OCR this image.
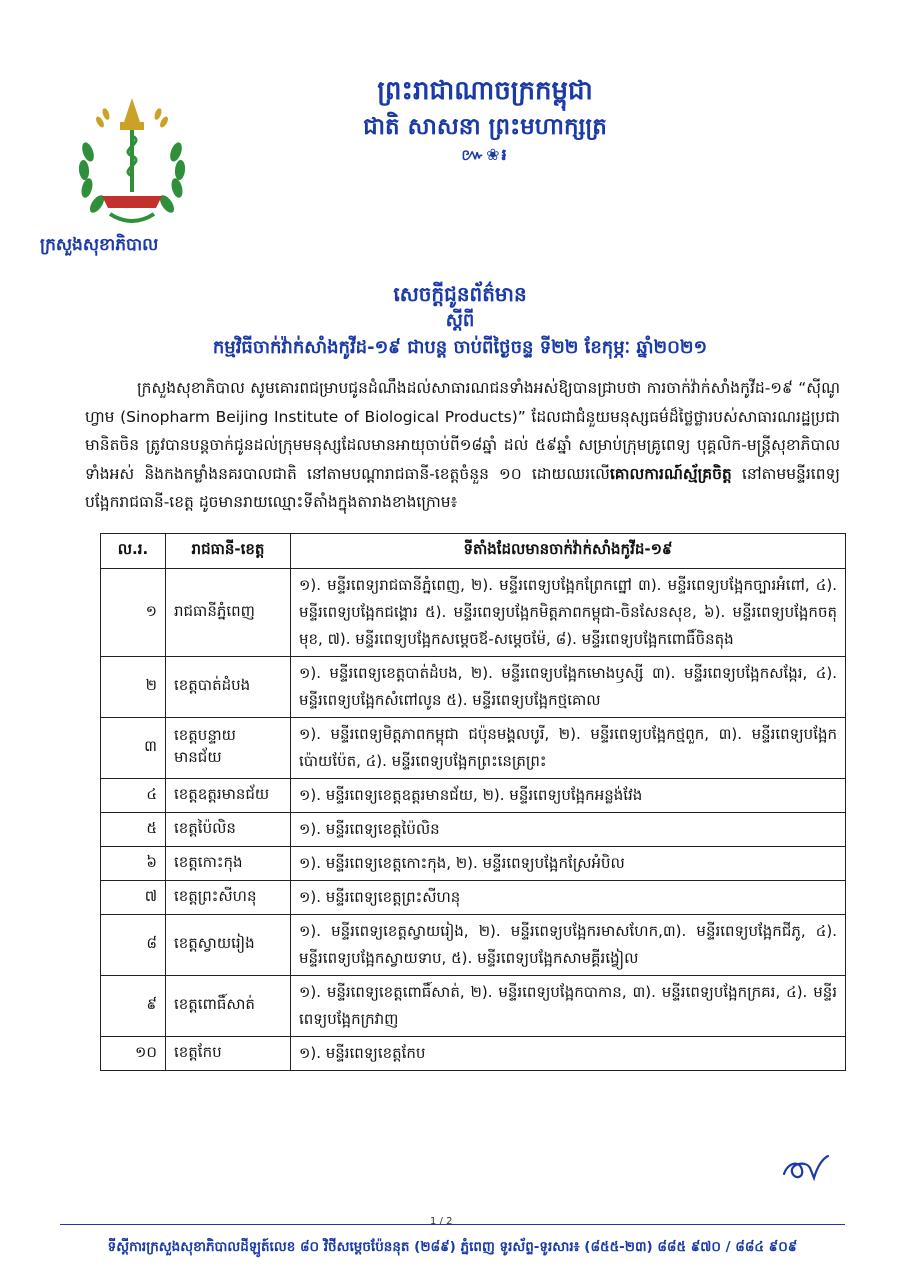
ក្រសួងសុខាភិបាល
ព្រះរាជាណាចក្រកម្ពុជា
ជាតិ សាសនា ព្រះមហាក្សត្រ
៚❀៛
សេចក្តីជូនព័ត៌មាន
ស្តីពី
កម្មវិធីចាក់វ៉ាក់សាំងកូវីដ-១៩ ជាបន្ត ចាប់ពីថ្ងៃចន្ទ ទី២២ ខែកុម្ភៈ ឆ្នាំ២០២១
ក្រសួងសុខាភិបាល សូមគោរពជម្រាបជូនដំណឹងដល់សាធារណជនទាំងអស់ឱ្យបានជ្រាបថា ការចាក់វ៉ាក់សាំងកូវីដ-១៩ “ស៊ីណូហ្វាម (Sinopharm Beijing Institute of Biological Products)” ដែលជាជំនួយមនុស្សធម៌ដ៏ថ្លៃថ្លារបស់សាធារណរដ្ឋប្រជាមានិតចិន ត្រូវបានបន្តចាក់ជូនដល់ក្រុមមនុស្សដែលមានអាយុចាប់ពី១៨ឆ្នាំ ដល់ ៥៩ឆ្នាំ សម្រាប់ក្រុមគ្រូពេទ្យ បុគ្គលិក-មន្ត្រីសុខាភិបាលទាំងអស់ និងកងកម្លាំងនគរបាលជាតិ នៅតាមបណ្តារាជធានី-ខេត្តចំនួន ១០ ដោយឈរលើគោលការណ៍ស្ម័គ្រចិត្ត នៅតាមមន្ទីរពេទ្យបង្អែករាជធានី-ខេត្ត ដូចមានរាយឈ្មោះទីតាំងក្នុងតារាងខាងក្រោម៖
ល.រ.	រាជធានី-ខេត្ត	ទីតាំងដែលមានចាក់វ៉ាក់សាំងកូវីដ-១៩
១	រាជធានីភ្នំពេញ	១). មន្ទីរពេទ្យរាជធានីភ្នំពេញ, ២). មន្ទីរពេទ្យបង្អែកព្រែកព្នៅ ៣). មន្ទីរពេទ្យបង្អែកច្បារអំពៅ, ៤). មន្ទីរពេទ្យបង្អែកជង្គោរ ៥). មន្ទីរពេទ្យបង្អែកមិត្តភាពកម្ពុជា-ចិនសែនសុខ, ៦). មន្ទីរពេទ្យបង្អែកចតុមុខ, ៧). មន្ទីរពេទ្យបង្អែកសម្ដេចឪ-សម្ដេចម៉ែ, ៨). មន្ទីរពេទ្យបង្អែកពោធិ៍ចិនតុង
២	ខេត្តបាត់ដំបង	១). មន្ទីរពេទ្យខេត្តបាត់ដំបង, ២). មន្ទីរពេទ្យបង្អែកមោងឫស្សី ៣). មន្ទីរពេទ្យបង្អែកសង្កែរ, ៤). មន្ទីរពេទ្យបង្អែកសំពៅលូន ៥). មន្ទីរពេទ្យបង្អែកថ្មគោល
៣	ខេត្តបន្ទាយមានជ័យ	១). មន្ទីរពេទ្យមិត្តភាពកម្ពុជា ជប៉ុនមង្គលបូរី, ២). មន្ទីរពេទ្យបង្អែកថ្មពួក, ៣). មន្ទីរពេទ្យបង្អែកប៉ោយប៉ែត, ៤). មន្ទីរពេទ្យបង្អែកព្រះនេត្រព្រះ
៤	ខេត្តឧត្តរមានជ័យ	១). មន្ទីរពេទ្យខេត្តឧត្តរមានជ័យ, ២). មន្ទីរពេទ្យបង្អែកអន្លង់វែង
៥	ខេត្តប៉ៃលិន	១). មន្ទីរពេទ្យខេត្តប៉ៃលិន
៦	ខេត្តកោះកុង	១). មន្ទីរពេទ្យខេត្តកោះកុង, ២). មន្ទីរពេទ្យបង្អែកស្រែអំបិល
៧	ខេត្តព្រះសីហនុ	១). មន្ទីរពេទ្យខេត្តព្រះសីហនុ
៨	ខេត្តស្វាយរៀង	១). មន្ទីរពេទ្យខេត្តស្វាយរៀង, ២). មន្ទីរពេទ្យបង្អែករមាសហែក,៣). មន្ទីរពេទ្យបង្អែកជីភូ, ៤). មន្ទីរពេទ្យបង្អែកស្វាយទាប, ៥). មន្ទីរពេទ្យបង្អែកសាមគ្គីរង្វៀល
៩	ខេត្តពោធិ៍សាត់	១). មន្ទីរពេទ្យខេត្តពោធិ៍សាត់, ២). មន្ទីរពេទ្យបង្អែកបាកាន, ៣). មន្ទីរពេទ្យបង្អែកក្រគរ, ៤). មន្ទីរពេទ្យបង្អែកក្រវាញ
១០	ខេត្តកែប	១). មន្ទីរពេទ្យខេត្តកែប
1 / 2
ទីស្តីការក្រសួងសុខាភិបាលដីឡូត៍លេខ ៨០ វិថីសម្តេចប៉ែននុត (២៨៩) ភ្នំពេញ ទូរស័ព្ទ-ទូរសារ៖ (៨៥៥-២៣) ៨៨៥ ៩៧០ / ៨៨៤ ៩០៩
